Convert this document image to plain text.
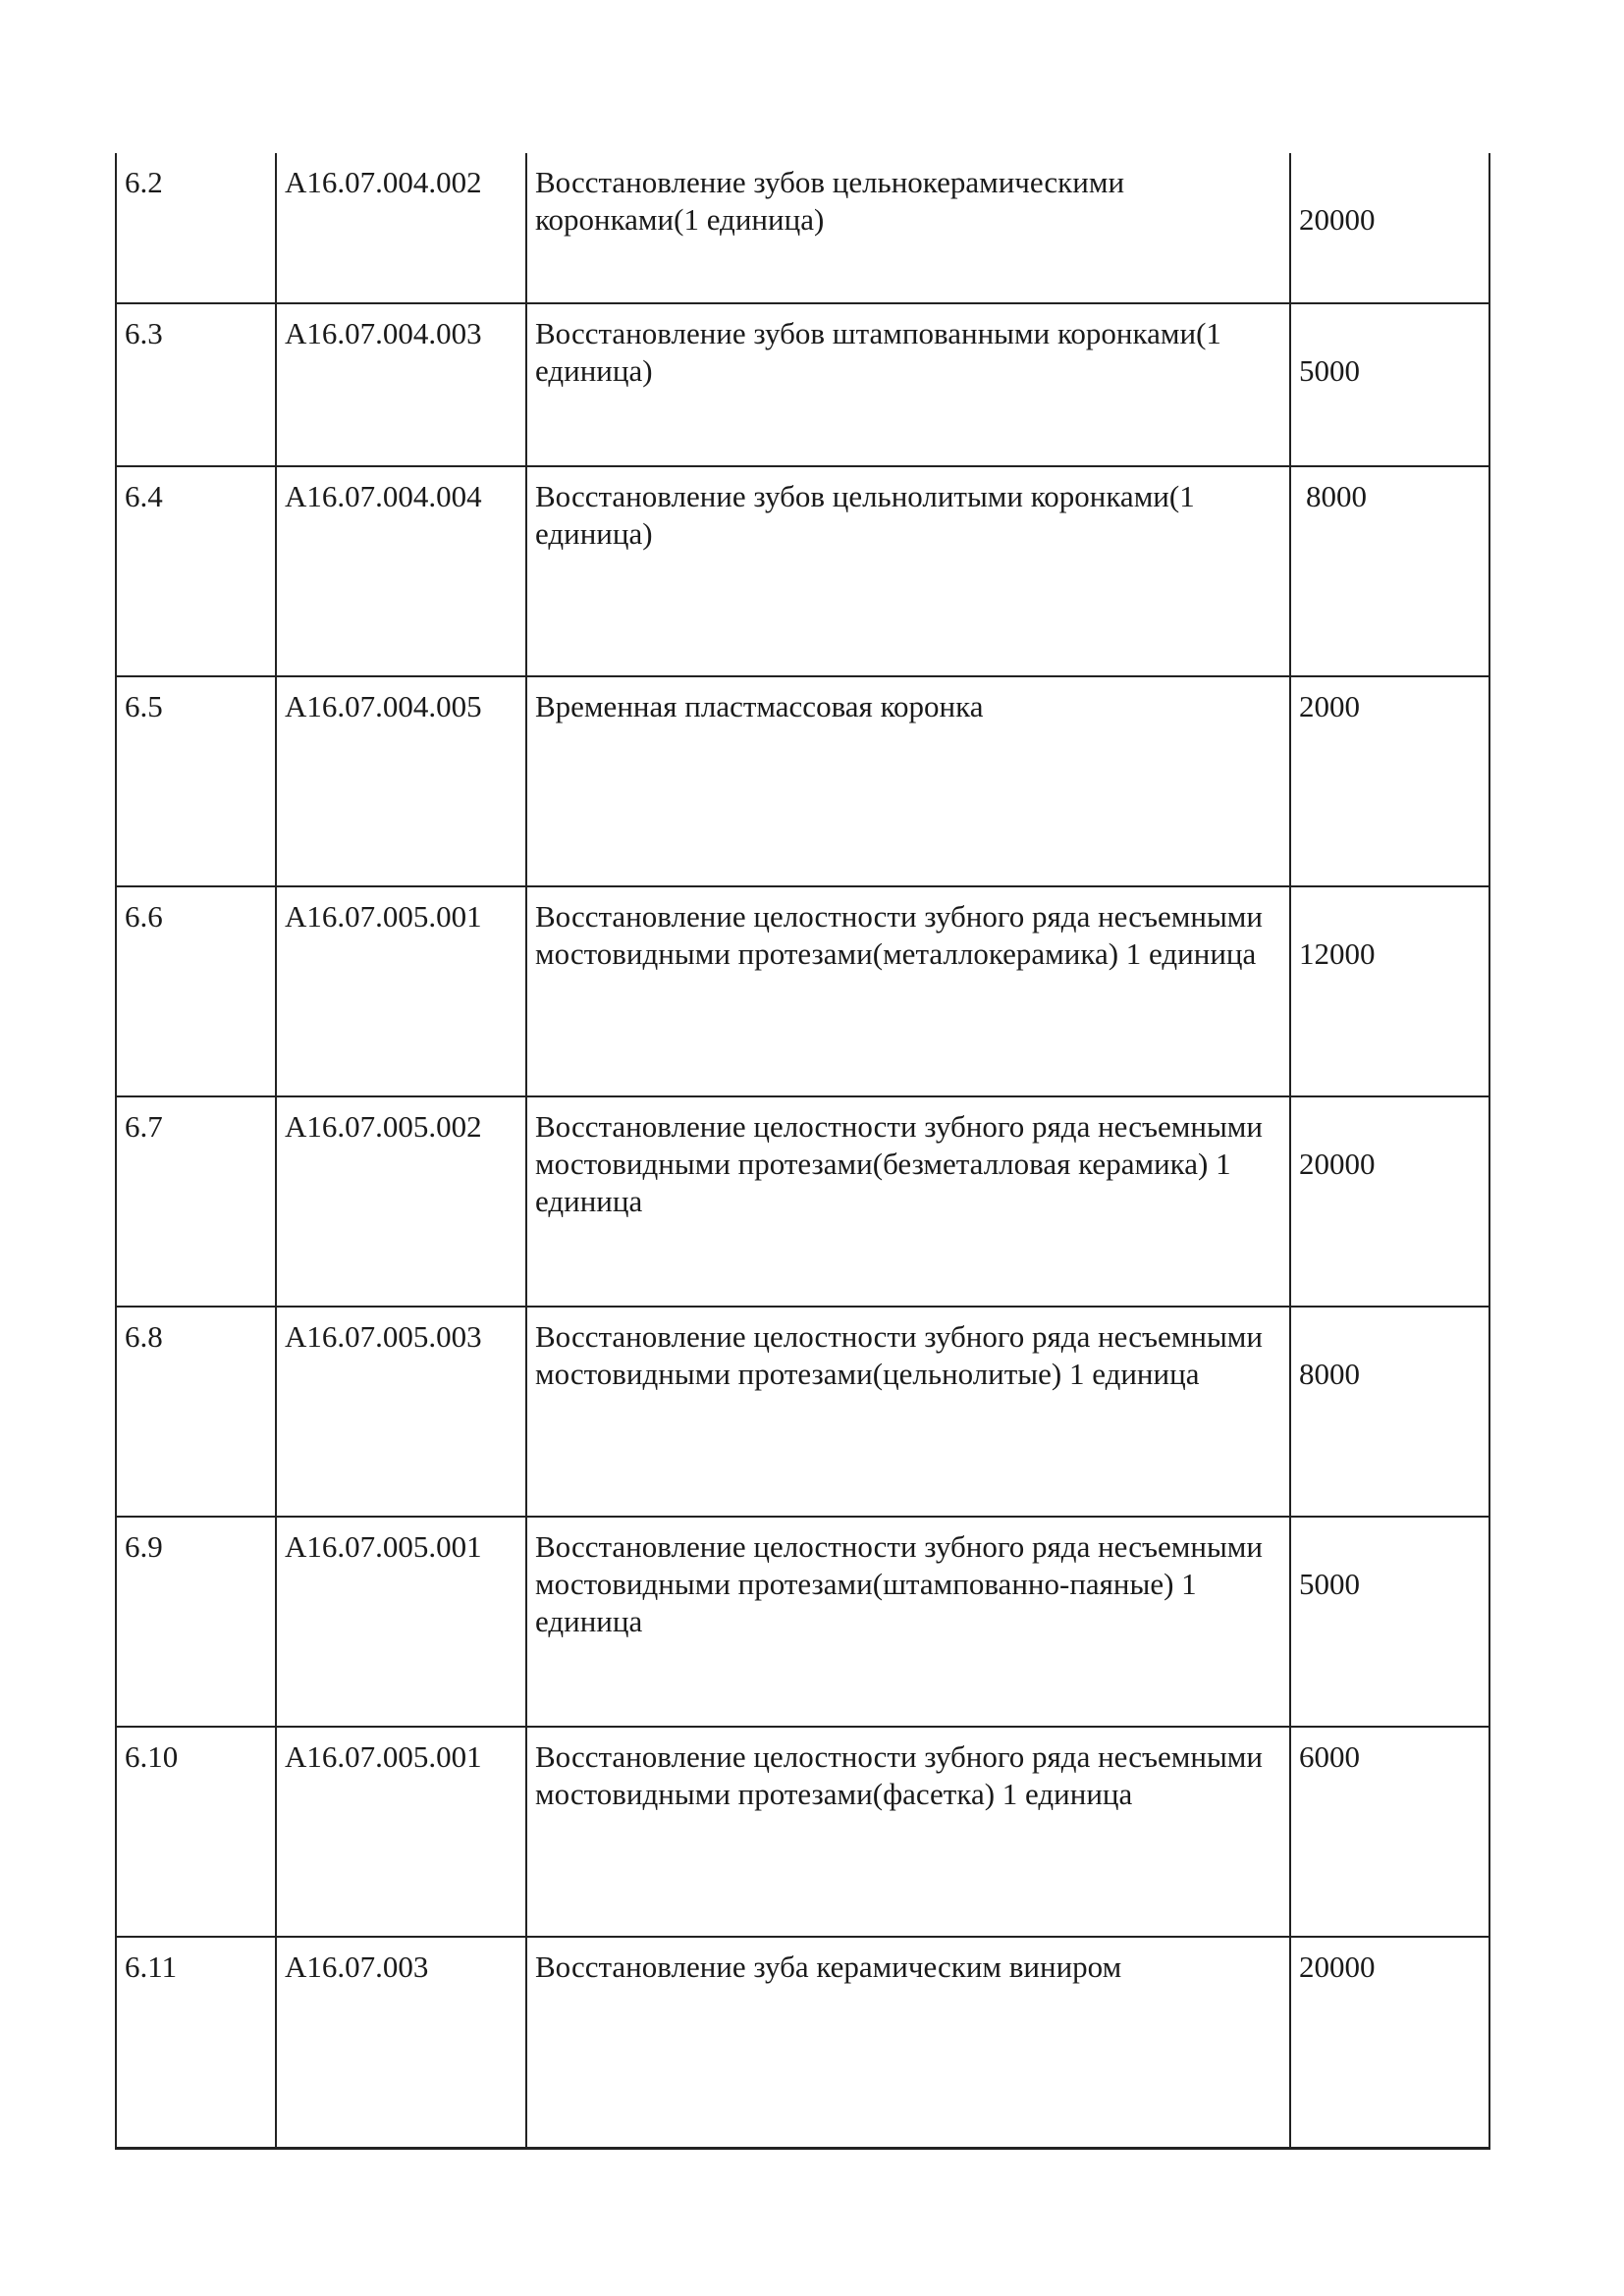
6.2	А16.07.004.002	Восстановление зубов цельнокерамическими коронками(1 единица)	20000

6.3	А16.07.004.003	Восстановление зубов штампованными коронками(1 единица)	5000

6.4	А16.07.004.004	Восстановление зубов цельнолитыми коронками(1 единица)	8000

6.5	А16.07.004.005	Временная пластмассовая коронка	2000

6.6	А16.07.005.001	Восстановление целостности зубного ряда несъемными мостовидными протезами(металлокерамика) 1 единица	12000

6.7	А16.07.005.002	Восстановление целостности зубного ряда несъемными мостовидными протезами(безметалловая керамика) 1 единица	20000

6.8	А16.07.005.003	Восстановление целостности зубного ряда несъемными мостовидными протезами(цельнолитые) 1 единица	8000

6.9	А16.07.005.001	Восстановление целостности зубного ряда несъемными мостовидными протезами(штампованно-паяные) 1 единица	5000

6.10	А16.07.005.001	Восстановление целостности зубного ряда несъемными мостовидными протезами(фасетка) 1 единица	6000

6.11	А16.07.003	Восстановление зуба керамическим виниром	20000
